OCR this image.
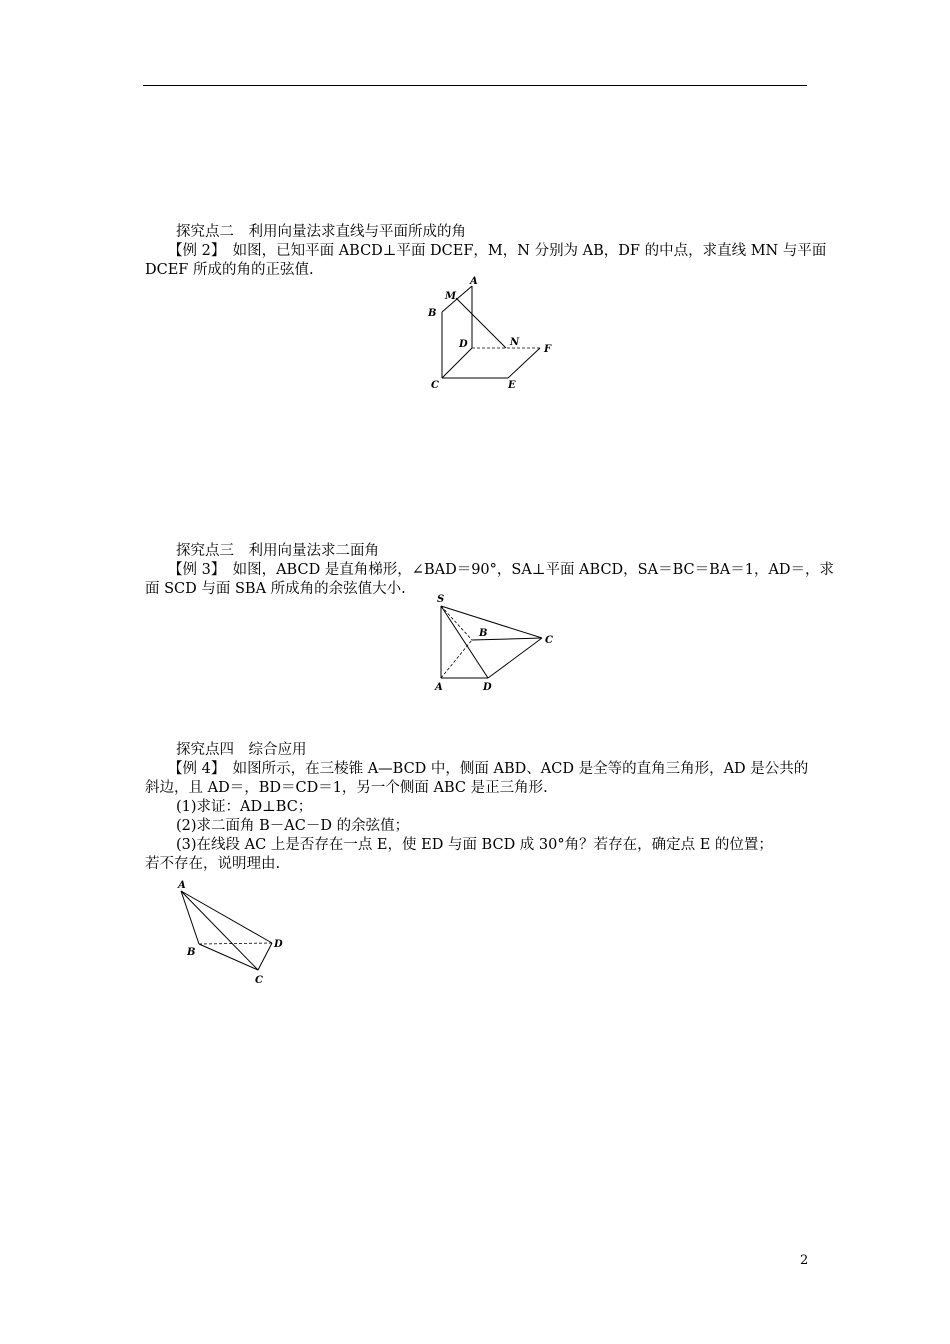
探究点二　利用向量法求直线与平面所成的角
【例 2】　如图，已知平面 ABCD⊥平面 DCEF，M，N 分别为 AB，DF 的中点，求直线 MN 与平面
DCEF 所成的角的正弦值.
A
M
B
D	N
F
C	E
探究点三　利用向量法求二面角
【例 3】　如图，ABCD 是直角梯形，∠BAD＝90°，SA⊥平面 ABCD，SA＝BC＝BA＝1，AD＝，求
面 SCD 与面 SBA 所成角的余弦值大小.
S
B
C
A	D
探究点四　综合应用
【例 4】　如图所示，在三棱锥 A—BCD 中，侧面 ABD、ACD 是全等的直角三角形，AD 是公共的
斜边，且 AD＝，BD＝CD＝1，另一个侧面 ABC 是正三角形.
(1)求证：AD⊥BC；
(2)求二面角 B－AC－D 的余弦值；
(3)在线段 AC 上是否存在一点 E，使 ED 与面 BCD 成 30°角？若存在，确定点 E 的位置；
若不存在，说明理由.
A
B
D
C
2
